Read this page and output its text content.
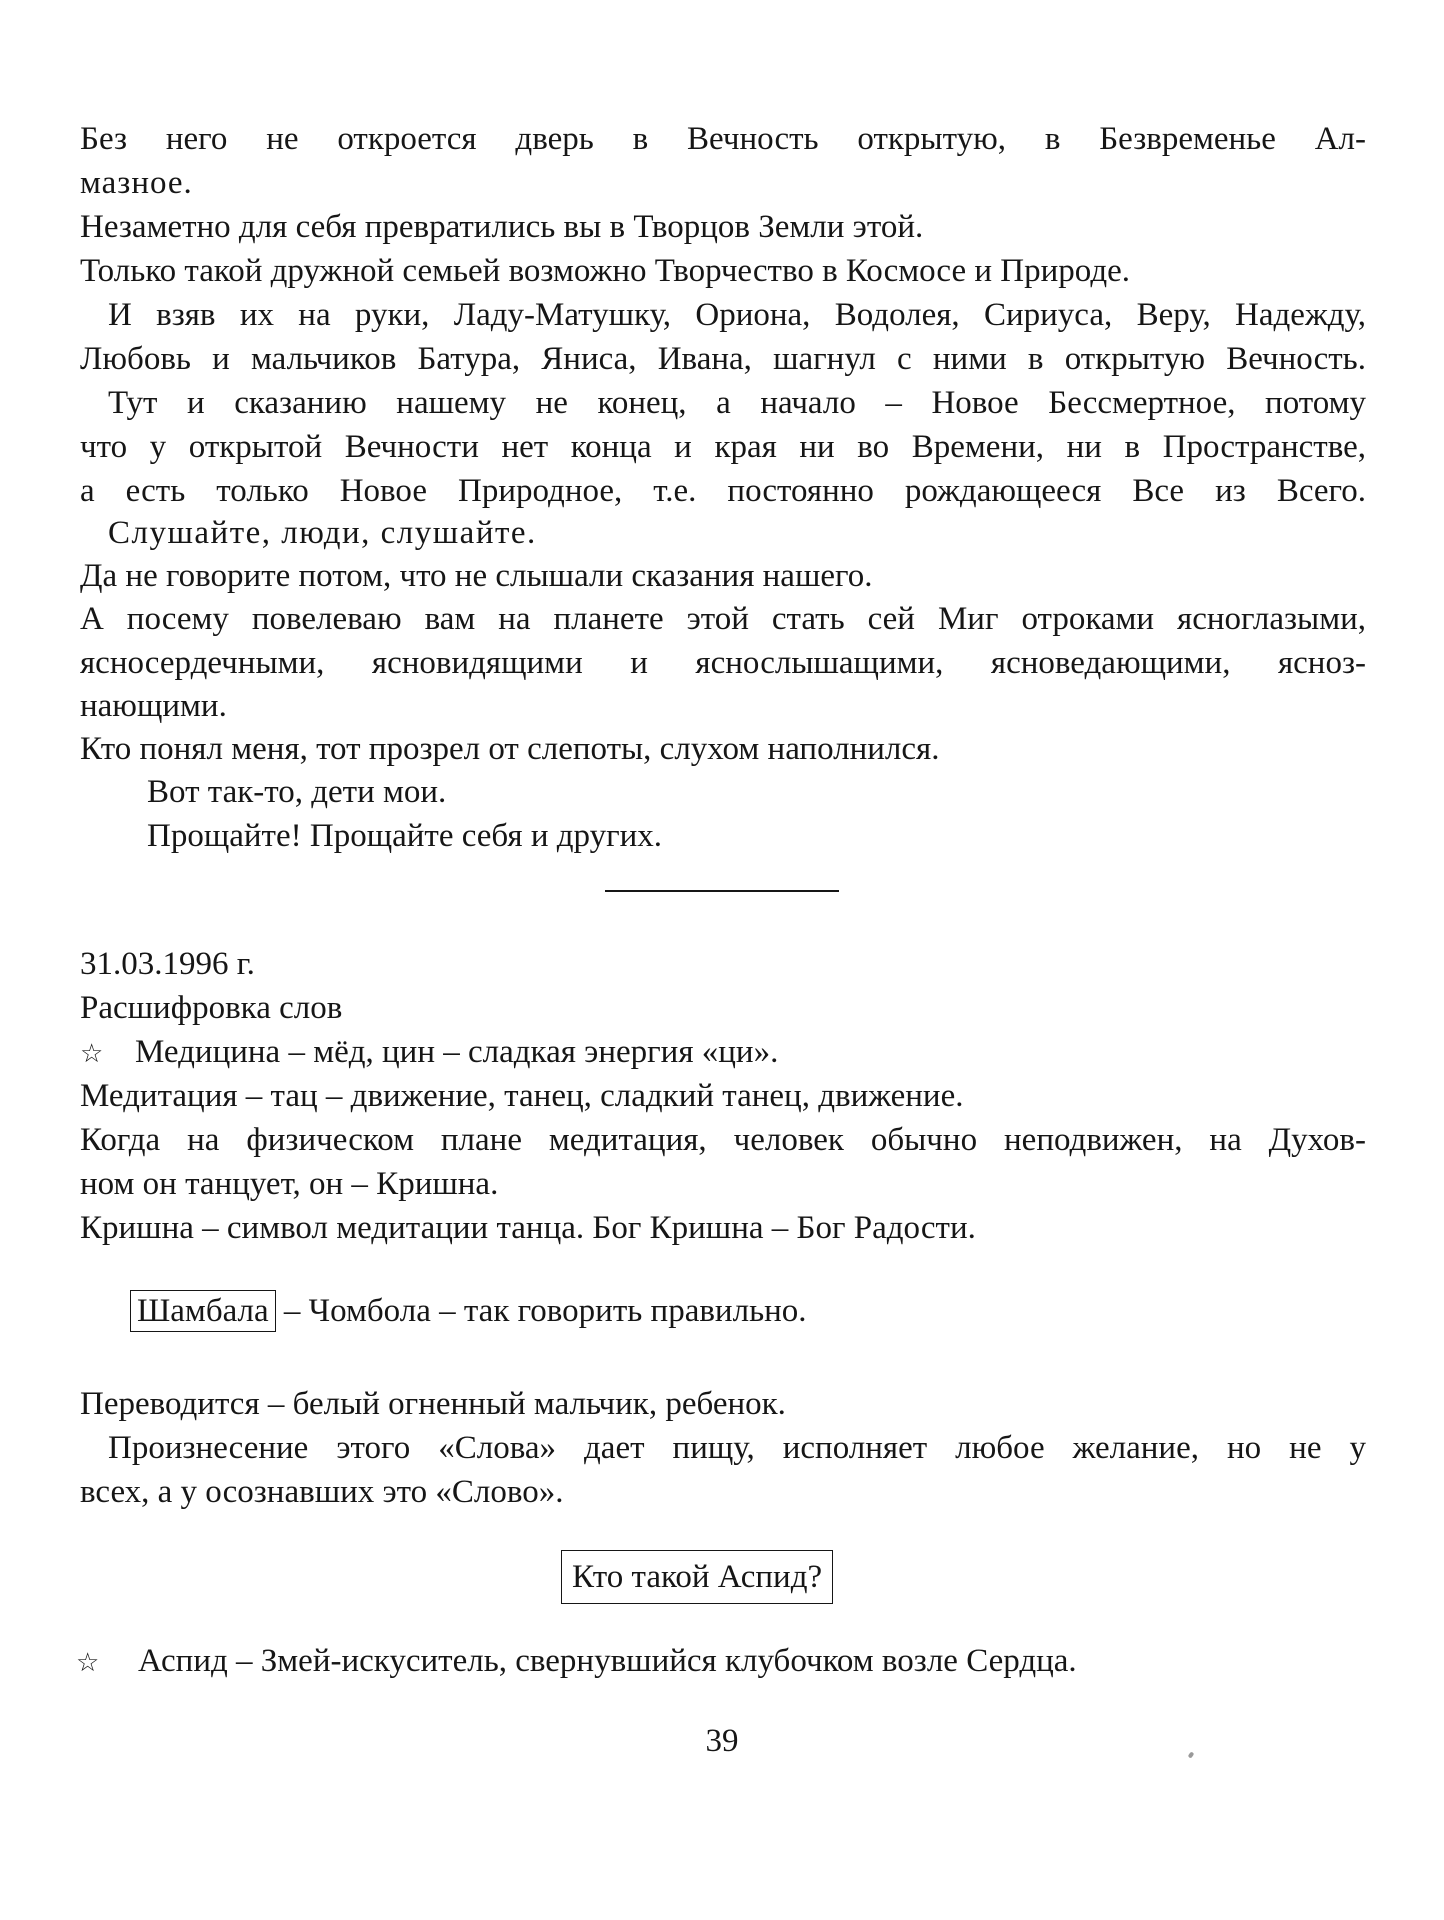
Без него не откроется дверь в Вечность открытую, в Безвременье Ал-
мазное.
Незаметно для себя превратились вы в Творцов Земли этой.
Только такой дружной семьей возможно Творчество в Космосе и Природе.
И взяв их на руки, Ладу-Матушку, Ориона, Водолея, Сириуса, Веру, Надежду,
Любовь и мальчиков Батура, Яниса, Ивана, шагнул с ними в открытую Вечность.
Тут и сказанию нашему не конец, а начало – Новое Бессмертное, потому
что у открытой Вечности нет конца и края ни во Времени, ни в Пространстве,
а есть только Новое Природное, т.е. постоянно рождающееся Все из Всего.
Слушайте, люди, слушайте.
Да не говорите потом, что не слышали сказания нашего.
А посему повелеваю вам на планете этой стать сей Миг отроками ясноглазыми,
ясносердечными, ясновидящими и яснослышащими, ясноведающими, ясноз-
нающими.
Кто понял меня, тот прозрел от слепоты, слухом наполнился.
Вот так-то, дети мои.
Прощайте! Прощайте себя и других.
31.03.1996 г.
Расшифровка слов
☆ Медицина – мёд, цин – сладкая энергия «ци».
Медитация – тац – движение, танец, сладкий танец, движение.
Когда на физическом плане медитация, человек обычно неподвижен, на Духов-
ном он танцует, он – Кришна.
Кришна – символ медитации танца. Бог Кришна – Бог Радости.
Шамбала – Чомбола – так говорить правильно.
Переводится – белый огненный мальчик, ребенок.
Произнесение этого «Слова» дает пищу, исполняет любое желание, но не у
всех, а у осознавших это «Слово».
Кто такой Аспид?
☆ Аспид – Змей-искуситель, свернувшийся клубочком возле Сердца.
39
